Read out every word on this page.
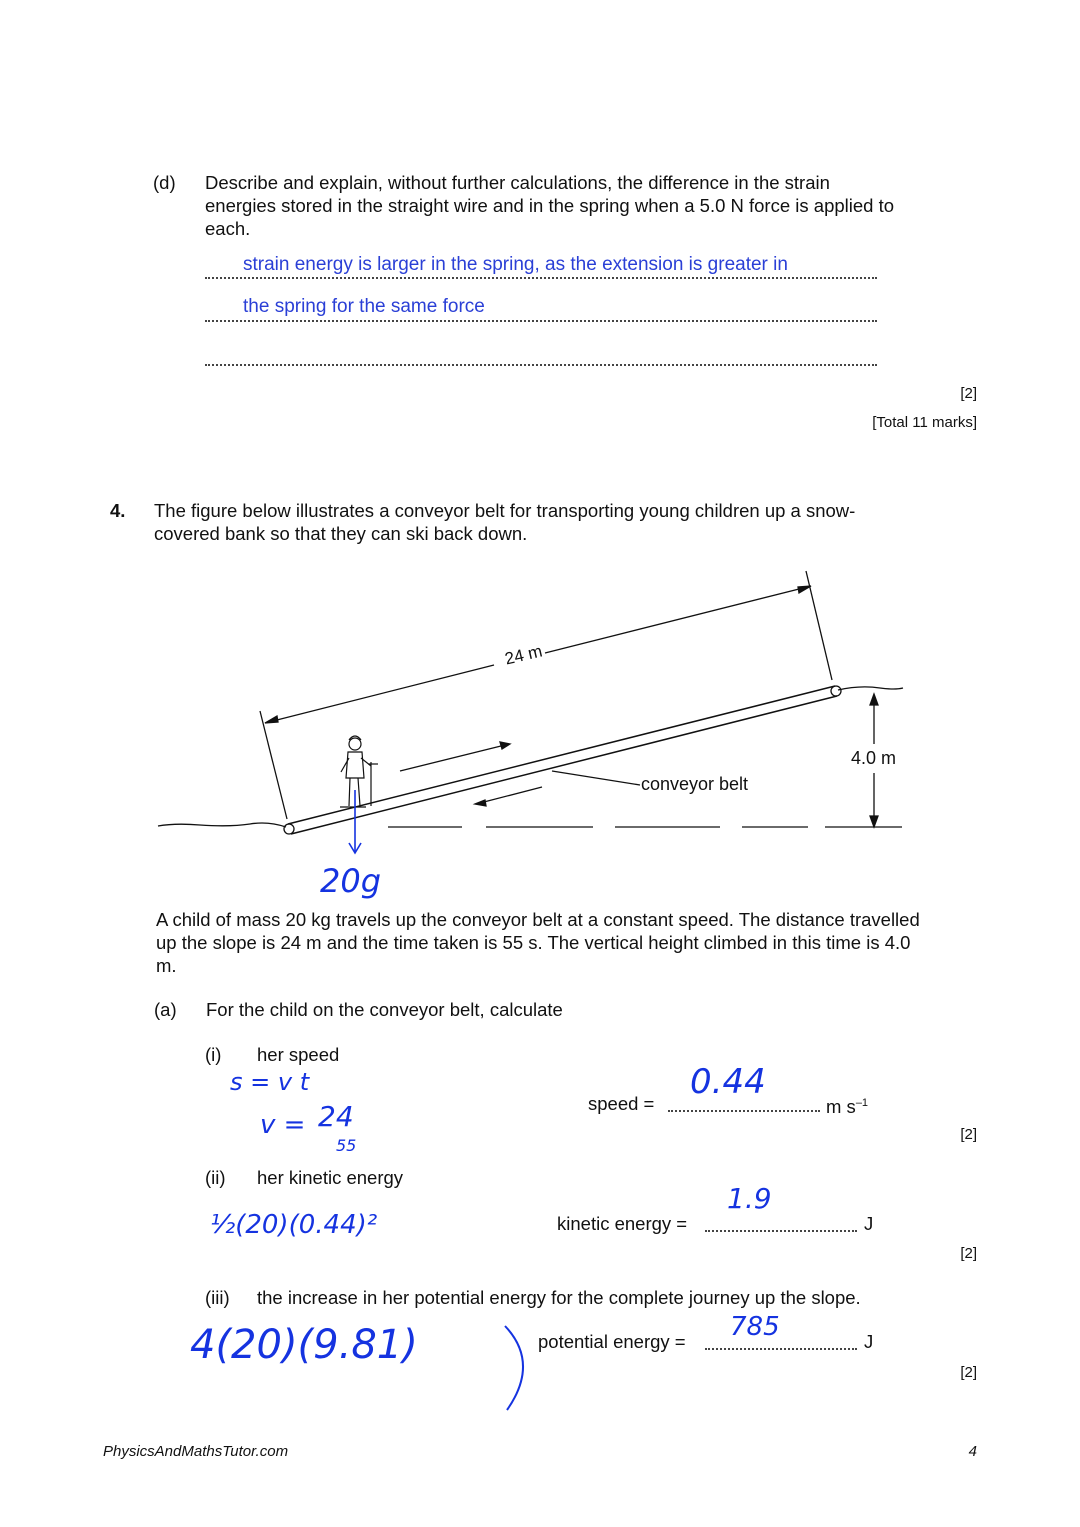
(d) Describe and explain, without further calculations, the difference in the strain energies stored in the straight wire and in the spring when a 5.0 N force is applied to each.
strain energy is larger in the spring, as the extension is greater in
the spring for the same force
[2]
[Total 11 marks]
4. The figure below illustrates a conveyor belt for transporting young children up a snow-covered bank so that they can ski back down.
24 m
4.0 m
conveyor belt
20g
A child of mass 20 kg travels up the conveyor belt at a constant speed. The distance travelled up the slope is 24 m and the time taken is 55 s. The vertical height climbed in this time is 4.0 m.
(a) For the child on the conveyor belt, calculate
(i) her speed
s = v t
v = 24
55
speed =
0.44
m $s^{-1}$
[2]
(ii) her kinetic energy
½(20)(0.44)²	kinetic energy =
1.9
J
[2]
(iii) the increase in her potential energy for the complete journey up the slope.
4(20)(9.81)	potential energy = 785	J
[2]
PhysicsAndMathsTutor.com	4
